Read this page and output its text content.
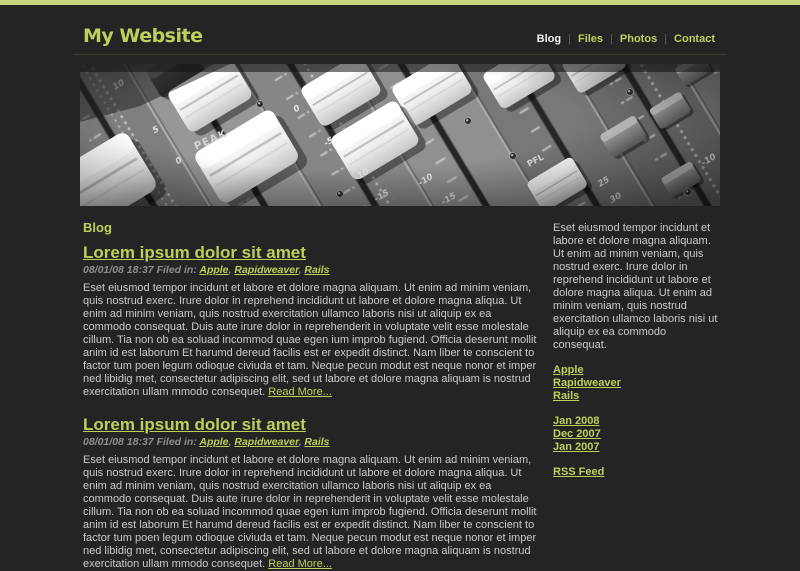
My Website	Blog | Files | Photos | Contact
Blog
Lorem ipsum dolor sit amet

08/01/08 18:37 Filed in: Apple, Rapidweaver, Rails

Eset eiusmod tempor incidunt et labore et dolore magna aliquam. Ut enim ad minim veniam, quis nostrud exerc. Irure dolor in reprehend incididunt ut labore et dolore magna aliqua. Ut enim ad minim veniam, quis nostrud exercitation ullamco laboris nisi ut aliquip ex ea commodo consequat. Duis aute irure dolor in reprehenderit in voluptate velit esse molestale cillum. Tia non ob ea soluad incommod quae egen ium improb fugiend. Officia deserunt mollit anim id est laborum Et harumd dereud facilis est er expedit distinct. Nam liber te conscient to factor tum poen legum odioque civiuda et tam. Neque pecun modut est neque nonor et imper ned libidig met, consectetur adipiscing elit, sed ut labore et dolore magna aliquam is nostrud exercitation ullam mmodo consequet. Read More...

Lorem ipsum dolor sit amet

08/01/08 18:37 Filed in: Apple, Rapidweaver, Rails

Eset eiusmod tempor incidunt et labore et dolore magna aliquam. Ut enim ad minim veniam, quis nostrud exerc. Irure dolor in reprehend incididunt ut labore et dolore magna aliqua. Ut enim ad minim veniam, quis nostrud exercitation ullamco laboris nisi ut aliquip ex ea commodo consequat. Duis aute irure dolor in reprehenderit in voluptate velit esse molestale cillum. Tia non ob ea soluad incommod quae egen ium improb fugiend. Officia deserunt mollit anim id est laborum Et harumd dereud facilis est er expedit distinct. Nam liber te conscient to factor tum poen legum odioque civiuda et tam. Neque pecun modut est neque nonor et imper ned libidig met, consectetur adipiscing elit, sed ut labore et dolore magna aliquam is nostrud exercitation ullam mmodo consequet. Read More...

Eset eiusmod tempor incidunt et labore et dolore magna aliquam. Ut enim ad minim veniam, quis nostrud exerc. Irure dolor in reprehend incididunt ut labore et dolore magna aliqua. Ut enim ad minim veniam, quis nostrud exercitation ullamco laboris nisi ut aliquip ex ea commodo consequat.

Apple
Rapidweaver
Rails
Jan 2008
Dec 2007
Jan 2007
RSS Feed
